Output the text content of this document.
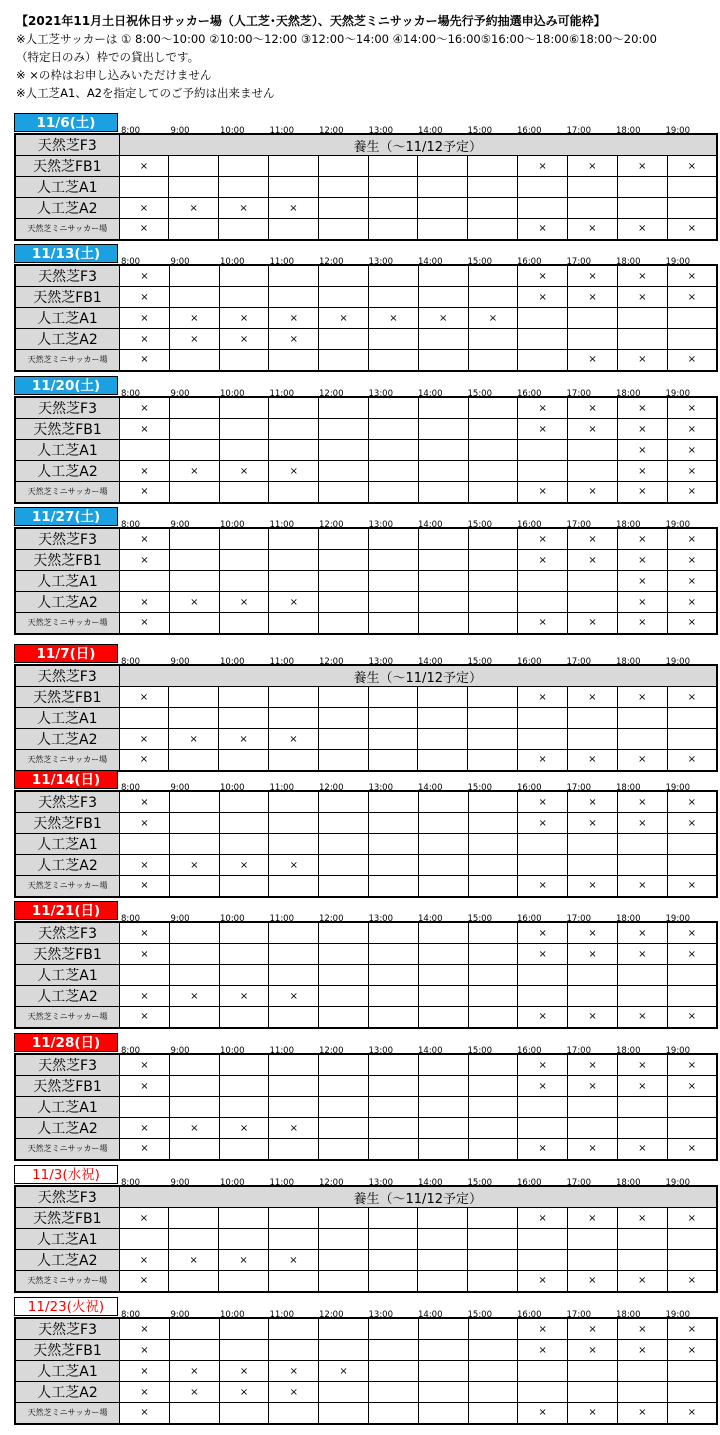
【2021年11月土日祝休日サッカー場（人工芝･天然芝）、天然芝ミニサッカー場先行予約抽選申込み可能枠】
※人工芝サッカーは ① 8:00～10:00 ②10:00～12:00 ③12:00～14:00 ④14:00～16:00⑤16:00～18:00⑥18:00～20:00
（特定日のみ）枠での貸出しです。
※ ×の枠はお申し込みいただけません
※人工芝A1、A2を指定してのご予約は出来ません
11/6(土)	8:00	9:00	10:00	11:00	12:00	13:00	14:00	15:00	16:00	17:00	18:00	19:00
天然芝F3	養生（～11/12予定）											
天然芝FB1	×								×	×	×	×
人工芝A1												
人工芝A2	×	×	×	×								
天然芝ミニサッカー場	×								×	×	×	×
11/13(土)	8:00	9:00	10:00	11:00	12:00	13:00	14:00	15:00	16:00	17:00	18:00	19:00
天然芝F3	×								×	×	×	×
天然芝FB1	×								×	×	×	×
人工芝A1	×	×	×	×	×	×	×	×				
人工芝A2	×	×	×	×								
天然芝ミニサッカー場	×									×	×	×
11/20(土)	8:00	9:00	10:00	11:00	12:00	13:00	14:00	15:00	16:00	17:00	18:00	19:00
天然芝F3	×								×	×	×	×
天然芝FB1	×								×	×	×	×
人工芝A1											×	×
人工芝A2	×	×	×	×							×	×
天然芝ミニサッカー場	×								×	×	×	×
11/27(土)	8:00	9:00	10:00	11:00	12:00	13:00	14:00	15:00	16:00	17:00	18:00	19:00
天然芝F3	×								×	×	×	×
天然芝FB1	×								×	×	×	×
人工芝A1											×	×
人工芝A2	×	×	×	×							×	×
天然芝ミニサッカー場	×								×	×	×	×
11/7(日)	8:00	9:00	10:00	11:00	12:00	13:00	14:00	15:00	16:00	17:00	18:00	19:00
天然芝F3	養生（～11/12予定）											
天然芝FB1	×								×	×	×	×
人工芝A1												
人工芝A2	×	×	×	×								
天然芝ミニサッカー場	×								×	×	×	×
11/14(日)	8:00	9:00	10:00	11:00	12:00	13:00	14:00	15:00	16:00	17:00	18:00	19:00
天然芝F3	×								×	×	×	×
天然芝FB1	×								×	×	×	×
人工芝A1												
人工芝A2	×	×	×	×								
天然芝ミニサッカー場	×								×	×	×	×
11/21(日)	8:00	9:00	10:00	11:00	12:00	13:00	14:00	15:00	16:00	17:00	18:00	19:00
天然芝F3	×								×	×	×	×
天然芝FB1	×								×	×	×	×
人工芝A1												
人工芝A2	×	×	×	×								
天然芝ミニサッカー場	×								×	×	×	×
11/28(日)	8:00	9:00	10:00	11:00	12:00	13:00	14:00	15:00	16:00	17:00	18:00	19:00
天然芝F3	×								×	×	×	×
天然芝FB1	×								×	×	×	×
人工芝A1												
人工芝A2	×	×	×	×								
天然芝ミニサッカー場	×								×	×	×	×
11/3(水祝)	8:00	9:00	10:00	11:00	12:00	13:00	14:00	15:00	16:00	17:00	18:00	19:00
天然芝F3	養生（～11/12予定）											
天然芝FB1	×								×	×	×	×
人工芝A1												
人工芝A2	×	×	×	×								
天然芝ミニサッカー場	×								×	×	×	×
11/23(火祝)	8:00	9:00	10:00	11:00	12:00	13:00	14:00	15:00	16:00	17:00	18:00	19:00
天然芝F3	×								×	×	×	×
天然芝FB1	×								×	×	×	×
人工芝A1	×	×	×	×	×							
人工芝A2	×	×	×	×								
天然芝ミニサッカー場	×								×	×	×	×
